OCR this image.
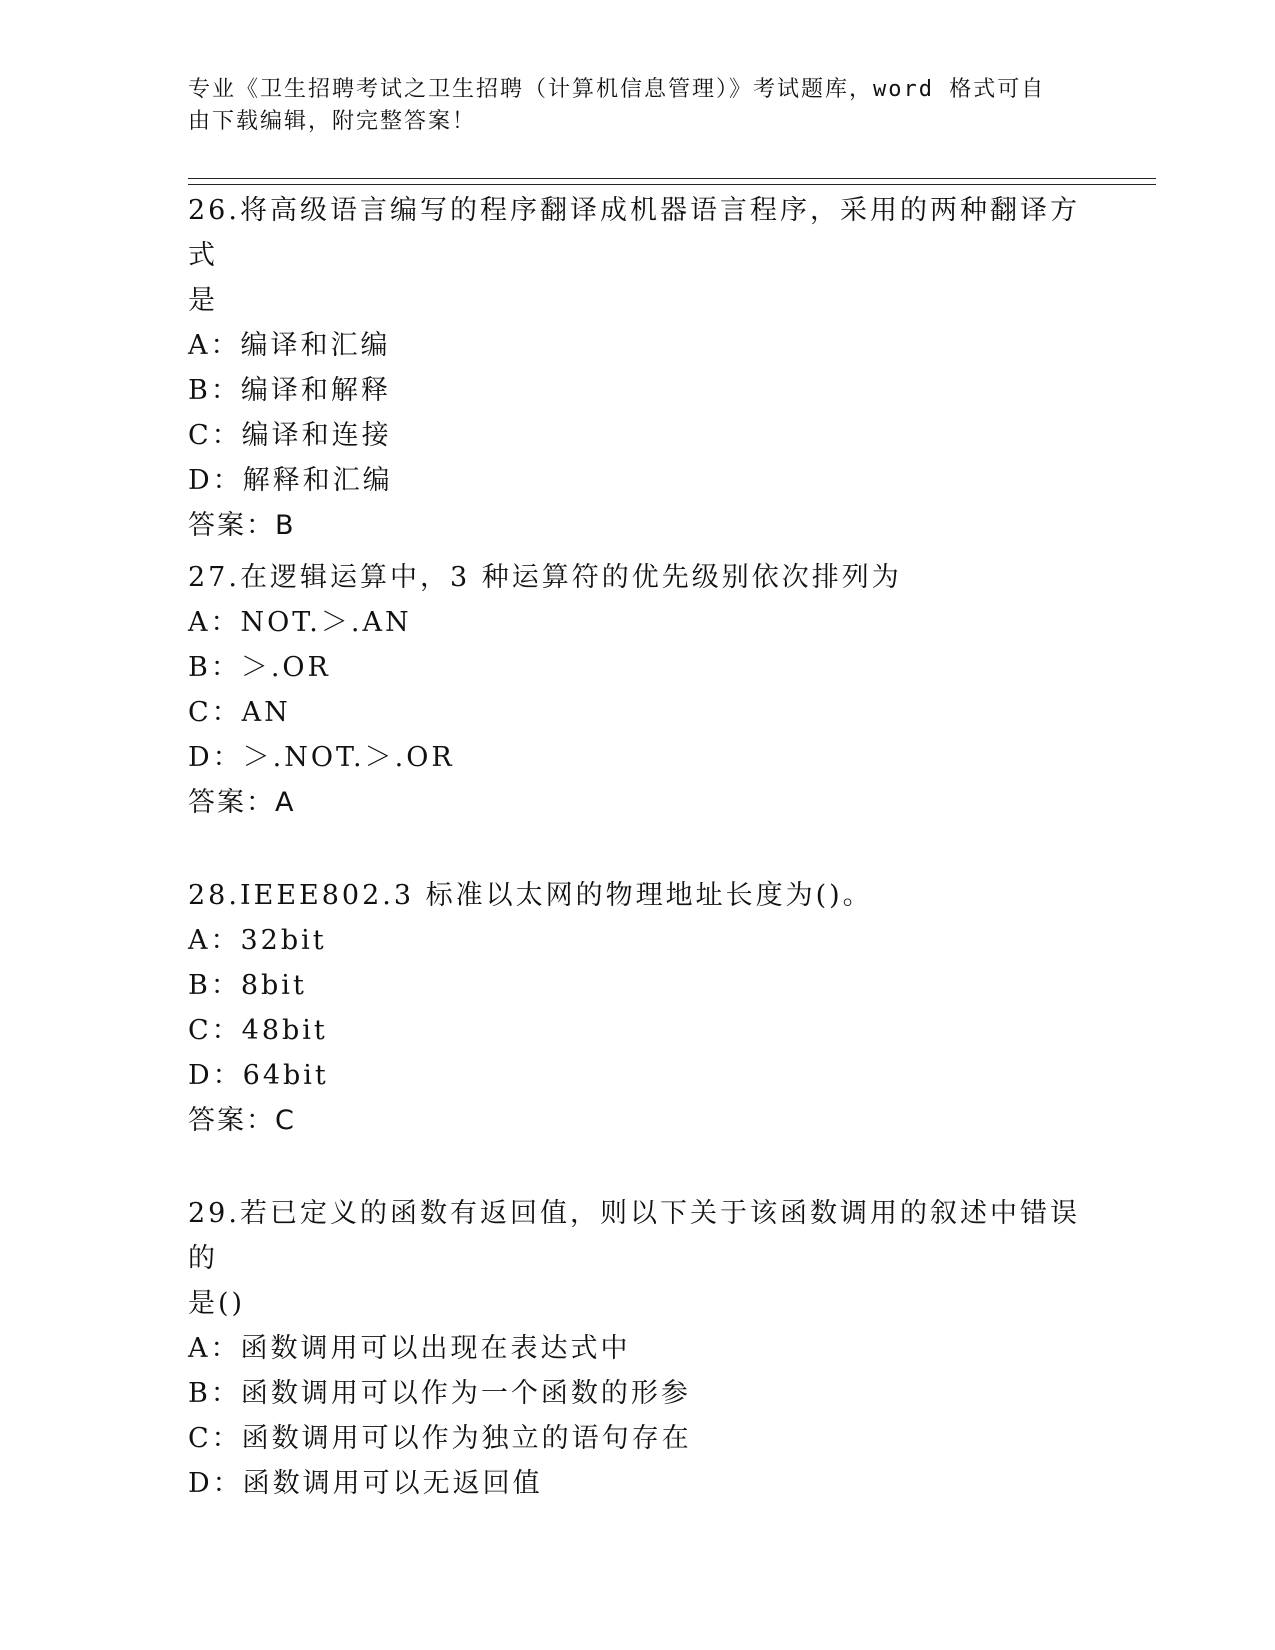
专业《卫生招聘考试之卫生招聘（计算机信息管理）》考试题库，word 格式可自
由下载编辑，附完整答案！

26.将高级语言编写的程序翻译成机器语言程序，采用的两种翻译方式

是

A：编译和汇编

B：编译和解释

C：编译和连接

D：解释和汇编

答案：B

27.在逻辑运算中，3 种运算符的优先级别依次排列为

A：NOT.＞.AN

B：＞.OR

C：AN

D：＞.NOT.＞.OR

答案：A

28.IEEE802.3 标准以太网的物理地址长度为()。

A：32bit

B：8bit

C：48bit

D：64bit

答案：C

29.若已定义的函数有返回值，则以下关于该函数调用的叙述中错误的

是()

A：函数调用可以出现在表达式中

B：函数调用可以作为一个函数的形参

C：函数调用可以作为独立的语句存在

D：函数调用可以无返回值
